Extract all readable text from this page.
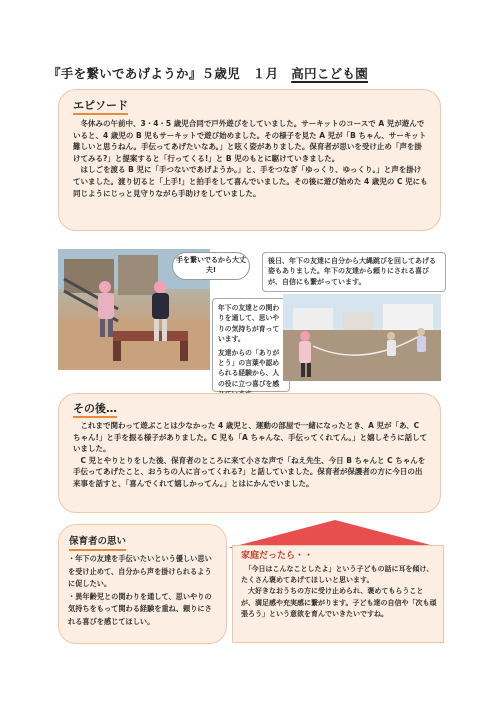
『手を繋いであげようか』５歳児　１月　 高円こども園
エピソード

　冬休みの午前中、3・4・5 歳児合同で戸外遊びをしていました。サーキットのコースで A 児が遊んでいると、4 歳児の B 児もサーキットで遊び始めました。その様子を見た A 児が「B ちゃん、サーキット難しいと思うねん。手伝ってあげたいなあ。」と呟く姿がありました。保育者が思いを受け止め「声を掛けてみる?」と提案すると「行ってくる!」と B 児のもとに駆けていきました。

　はしごを渡る B 児に「手つないであげようか。」と、手をつなぎ「ゆっくり、ゆっくり。」と声を掛けていました。渡り切ると「上手!」と拍手をして喜んでいました。その後に遊び始めた 4 歳児の C 児にも同じようにじっと見守りながら手助けをしていました。

手を繋いでるから大丈夫!
後日、年下の友達に自分から大縄跳びを回してあげる姿もありました。年下の友達から頼りにされる喜びが、自信にも繋がっています。
年下の友達との関わりを通して、思いやりの気持ちが育っています。
友達からの「ありがとう」の言葉や認められる経験から、人の役に立つ喜びを感
その後…

　これまで関わって遊ぶことは少なかった 4 歳児と、運動の部屋で一緒になったとき、A 児が「あ、C ちゃん!」と手を振る様子がありました。C 児も「A ちゃんな、手伝ってくれてん。」と嬉しそうに話していました。

　C 児とやりとりをした後、保育者のところに来て小さな声で「ねえ先生、今日 B ちゃんと C ちゃんを手伝ってあげたこと、おうちの人に言ってくれる?」と話していました。保育者が保護者の方に今日の出来事を話すと、「喜んでくれて嬉しかってん。」とはにかんでいました。

保育者の思い

・年下の友達を手伝いたいという優しい思いを受け止めて、自分から声を掛けられるように促したい。

・異年齢児との関わりを通して、思いやりの気持ちをもって関わる経験を重ね、頼りにされる喜びを感じてほしい。

家庭だったら・・

　「今日はこんなことしたよ」という子どもの話に耳を傾け、たくさん褒めてあげてほしいと思います。

　大好きなおうちの方に受け止められ、褒めてもらうことが、満足感や充実感に繋がります。子ども達の自信や「次も頑張ろう」という意欲を育んでいきたいですね。
